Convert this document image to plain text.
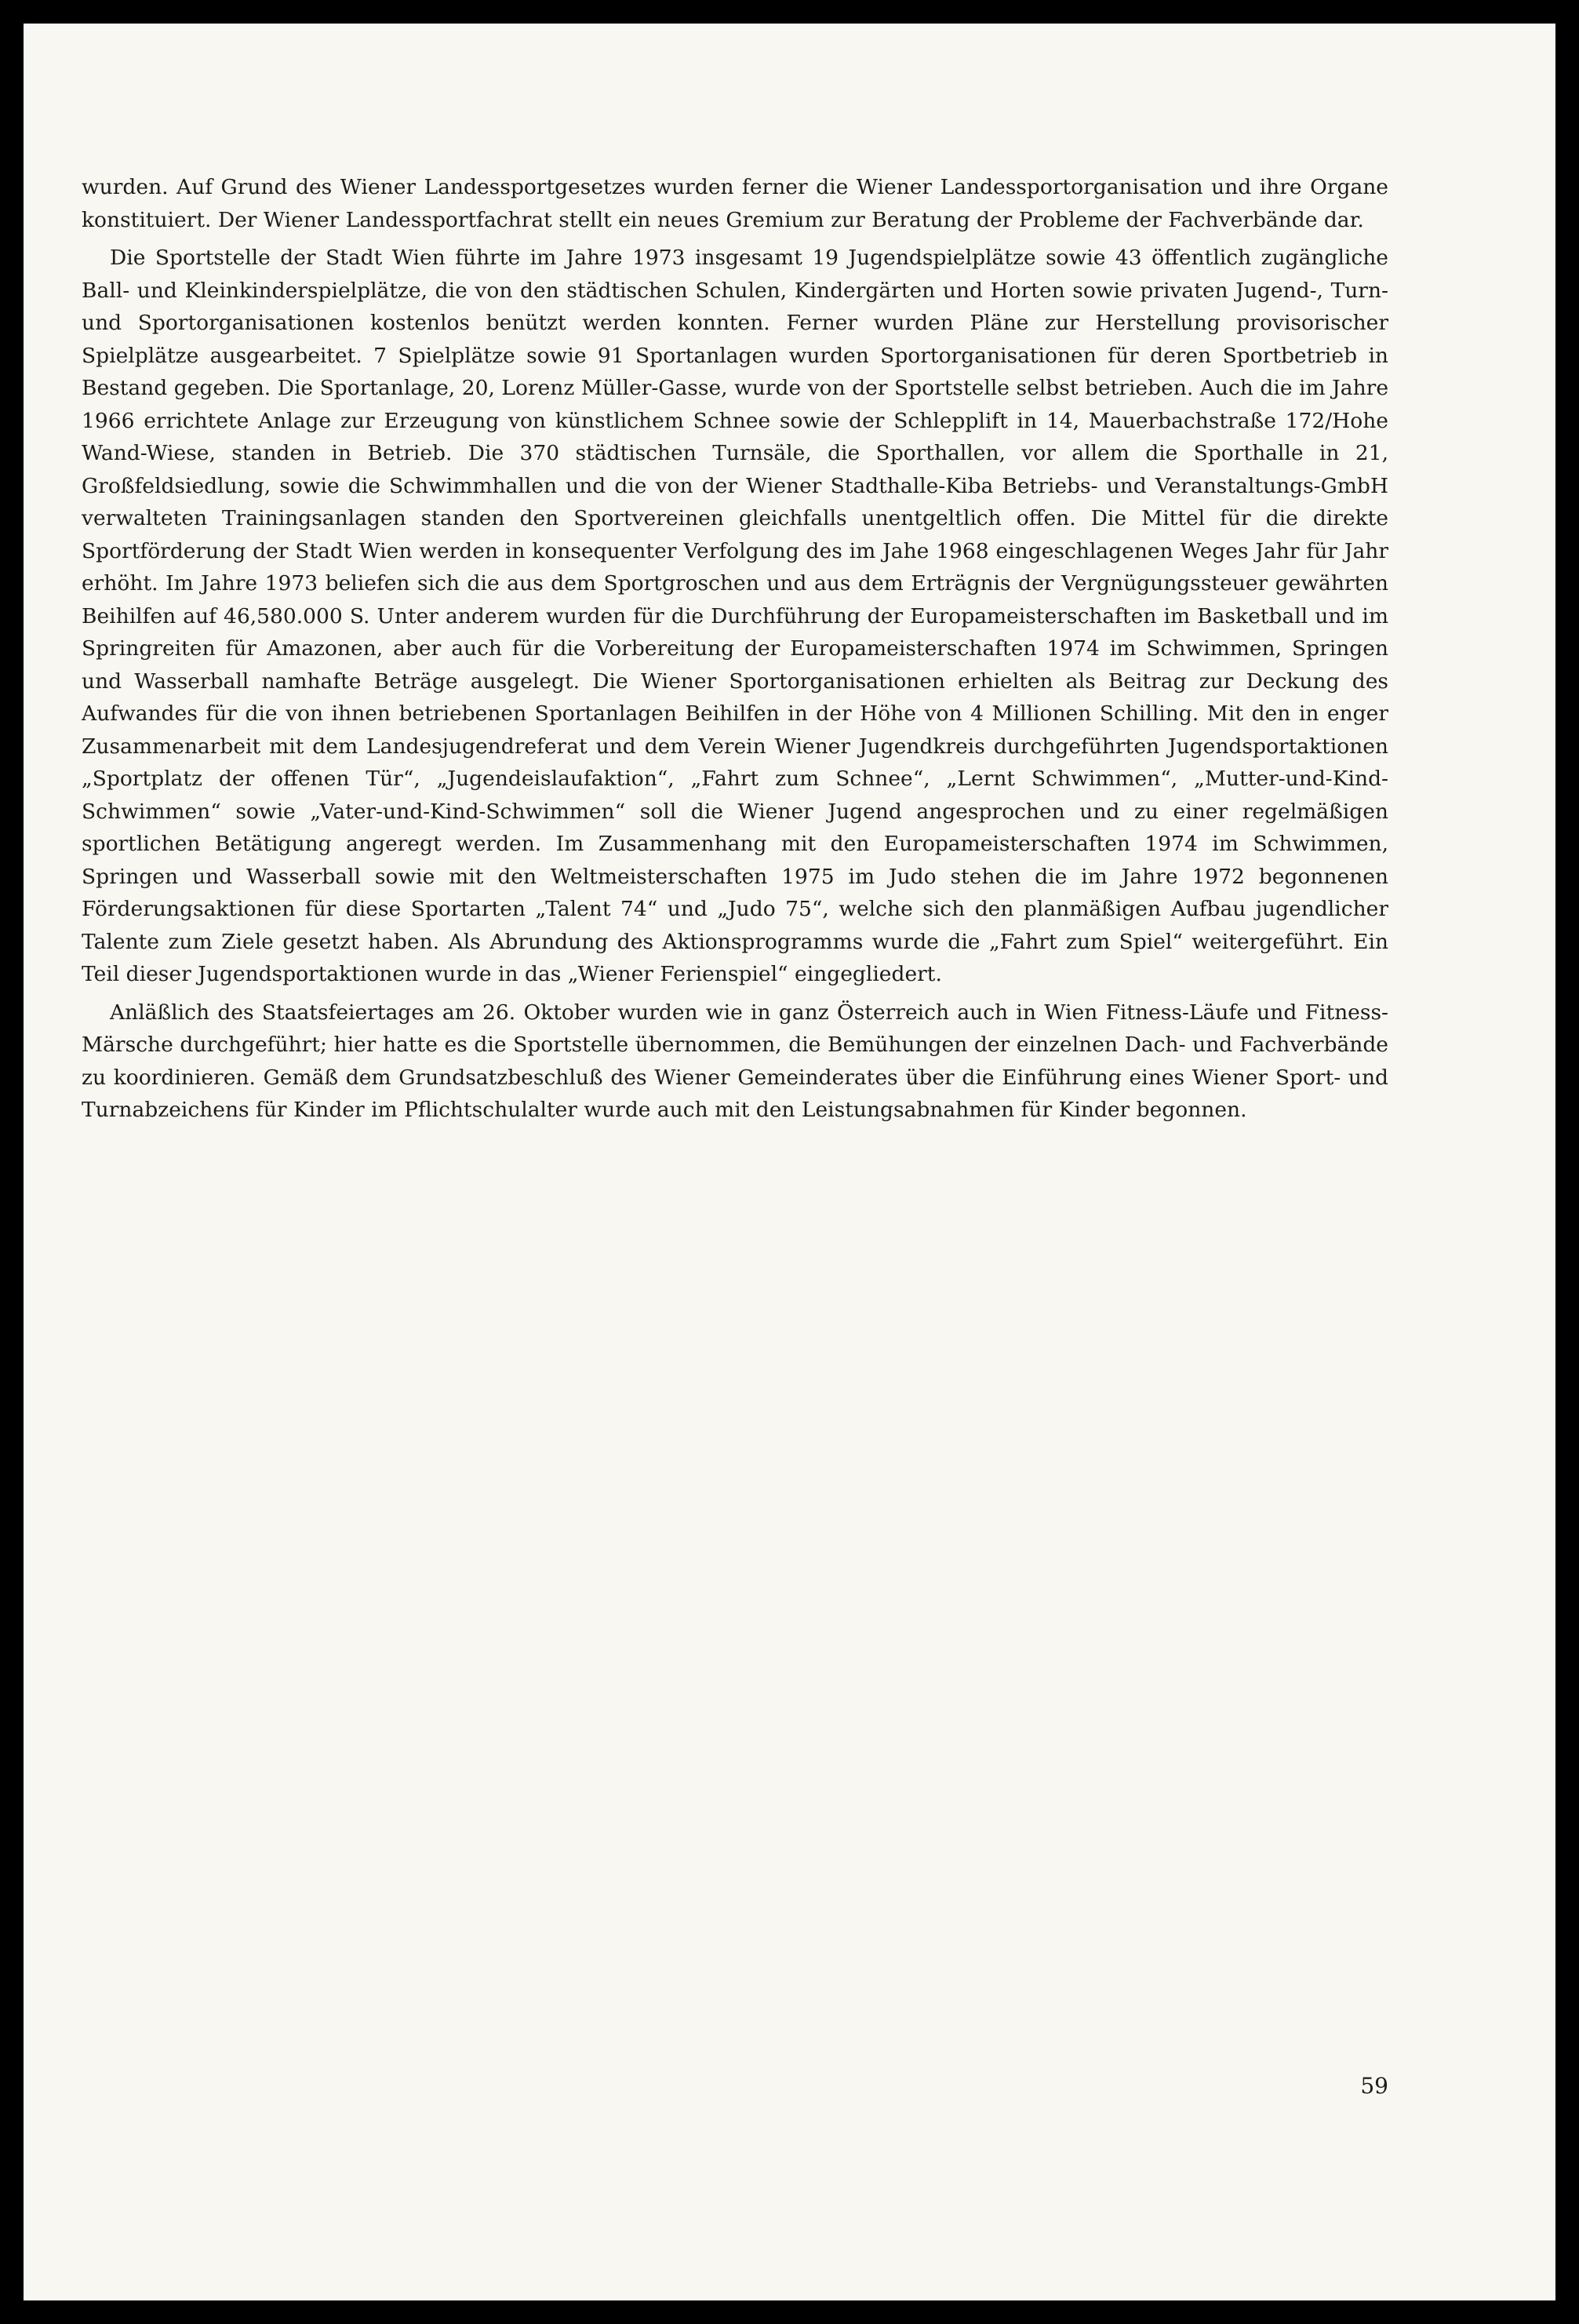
wurden. Auf Grund des Wiener Landessportgesetzes wurden ferner die Wiener Landessportorganisation und ihre Organe konstituiert. Der Wiener Landessportfachrat stellt ein neues Gremium zur Beratung der Probleme der Fachverbände dar.

Die Sportstelle der Stadt Wien führte im Jahre 1973 insgesamt 19 Jugendspielplätze sowie 43 öffentlich zugängliche Ball- und Kleinkinderspielplätze, die von den städtischen Schulen, Kindergärten und Horten sowie privaten Jugend-, Turn- und Sportorganisationen kostenlos benützt werden konnten. Ferner wurden Pläne zur Herstellung provisorischer Spielplätze ausgearbeitet. 7 Spielplätze sowie 91 Sportanlagen wurden Sportorganisationen für deren Sportbetrieb in Bestand gegeben. Die Sportanlage, 20, Lorenz Müller-Gasse, wurde von der Sportstelle selbst betrieben. Auch die im Jahre 1966 errichtete Anlage zur Erzeugung von künstlichem Schnee sowie der Schlepplift in 14, Mauerbachstraße 172/Hohe Wand-Wiese, standen in Betrieb. Die 370 städtischen Turnsäle, die Sporthallen, vor allem die Sporthalle in 21, Großfeldsiedlung, sowie die Schwimmhallen und die von der Wiener Stadthalle-Kiba Betriebs- und Veranstaltungs-GmbH verwalteten Trainingsanlagen standen den Sportvereinen gleichfalls unentgeltlich offen. Die Mittel für die direkte Sportförderung der Stadt Wien werden in konsequenter Verfolgung des im Jahe 1968 eingeschlagenen Weges Jahr für Jahr erhöht. Im Jahre 1973 beliefen sich die aus dem Sportgroschen und aus dem Erträgnis der Vergnügungssteuer gewährten Beihilfen auf 46,580.000 S. Unter anderem wurden für die Durchführung der Europameisterschaften im Basketball und im Springreiten für Amazonen, aber auch für die Vorbereitung der Europameisterschaften 1974 im Schwimmen, Springen und Wasserball namhafte Beträge ausgelegt. Die Wiener Sportorganisationen erhielten als Beitrag zur Deckung des Aufwandes für die von ihnen betriebenen Sportanlagen Beihilfen in der Höhe von 4 Millionen Schilling. Mit den in enger Zusammenarbeit mit dem Landesjugendreferat und dem Verein Wiener Jugendkreis durchgeführten Jugendsportaktionen „Sportplatz der offenen Tür“, „Jugendeislaufaktion“, „Fahrt zum Schnee“, „Lernt Schwimmen“, „Mutter-und-Kind-Schwimmen“ sowie „Vater-und-Kind-Schwimmen“ soll die Wiener Jugend angesprochen und zu einer regelmäßigen sportlichen Betätigung angeregt werden. Im Zusammenhang mit den Europameisterschaften 1974 im Schwimmen, Springen und Wasserball sowie mit den Weltmeisterschaften 1975 im Judo stehen die im Jahre 1972 begonnenen Förderungsaktionen für diese Sportarten „Talent 74“ und „Judo 75“, welche sich den planmäßigen Aufbau jugendlicher Talente zum Ziele gesetzt haben. Als Abrundung des Aktionsprogramms wurde die „Fahrt zum Spiel“ weitergeführt. Ein Teil dieser Jugendsportaktionen wurde in das „Wiener Ferienspiel“ eingegliedert.

Anläßlich des Staatsfeiertages am 26. Oktober wurden wie in ganz Österreich auch in Wien Fitness-Läufe und Fitness-Märsche durchgeführt; hier hatte es die Sportstelle übernommen, die Bemühungen der einzelnen Dach- und Fachverbände zu koordinieren. Gemäß dem Grundsatzbeschluß des Wiener Gemeinderates über die Einführung eines Wiener Sport- und Turnabzeichens für Kinder im Pflichtschulalter wurde auch mit den Leistungsabnahmen für Kinder begonnen.

59
